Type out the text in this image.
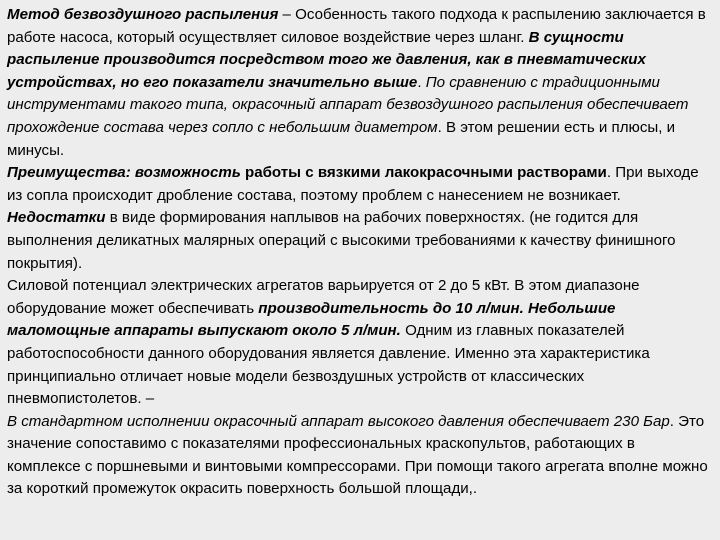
Метод безвоздушного распыления – Особенность такого подхода к распылению заключается в работе насоса, который осуществляет силовое воздействие через шланг. В сущности распыление производится посредством того же давления, как в пневматических устройствах, но его показатели значительно выше. По сравнению с традиционными инструментами такого типа, окрасочный аппарат безвоздушного распыления обеспечивает прохождение состава через сопло с небольшим диаметром. В этом решении есть и плюсы, и минусы.

Преимущества: возможность работы с вязкими лакокрасочными растворами. При выходе из сопла происходит дробление состава, поэтому проблем с нанесением не возникает.

Недостатки в виде формирования наплывов на рабочих поверхностях. (не годится для выполнения деликатных малярных операций с высокими требованиями к качеству финишного покрытия).

Силовой потенциал электрических агрегатов варьируется от 2 до 5 кВт. В этом диапазоне оборудование может обеспечивать производительность до 10 л/мин. Небольшие маломощные аппараты выпускают около 5 л/мин. Одним из главных показателей работоспособности данного оборудования является давление. Именно эта характеристика принципиально отличает новые модели безвоздушных устройств от классических пневмопистолетов. –

В стандартном исполнении окрасочный аппарат высокого давления обеспечивает 230 Бар. Это значение сопоставимо с показателями профессиональных краскопультов, работающих в комплексе с поршневыми и винтовыми компрессорами. При помощи такого агрегата вполне можно за короткий промежуток окрасить поверхность большой площади,.
